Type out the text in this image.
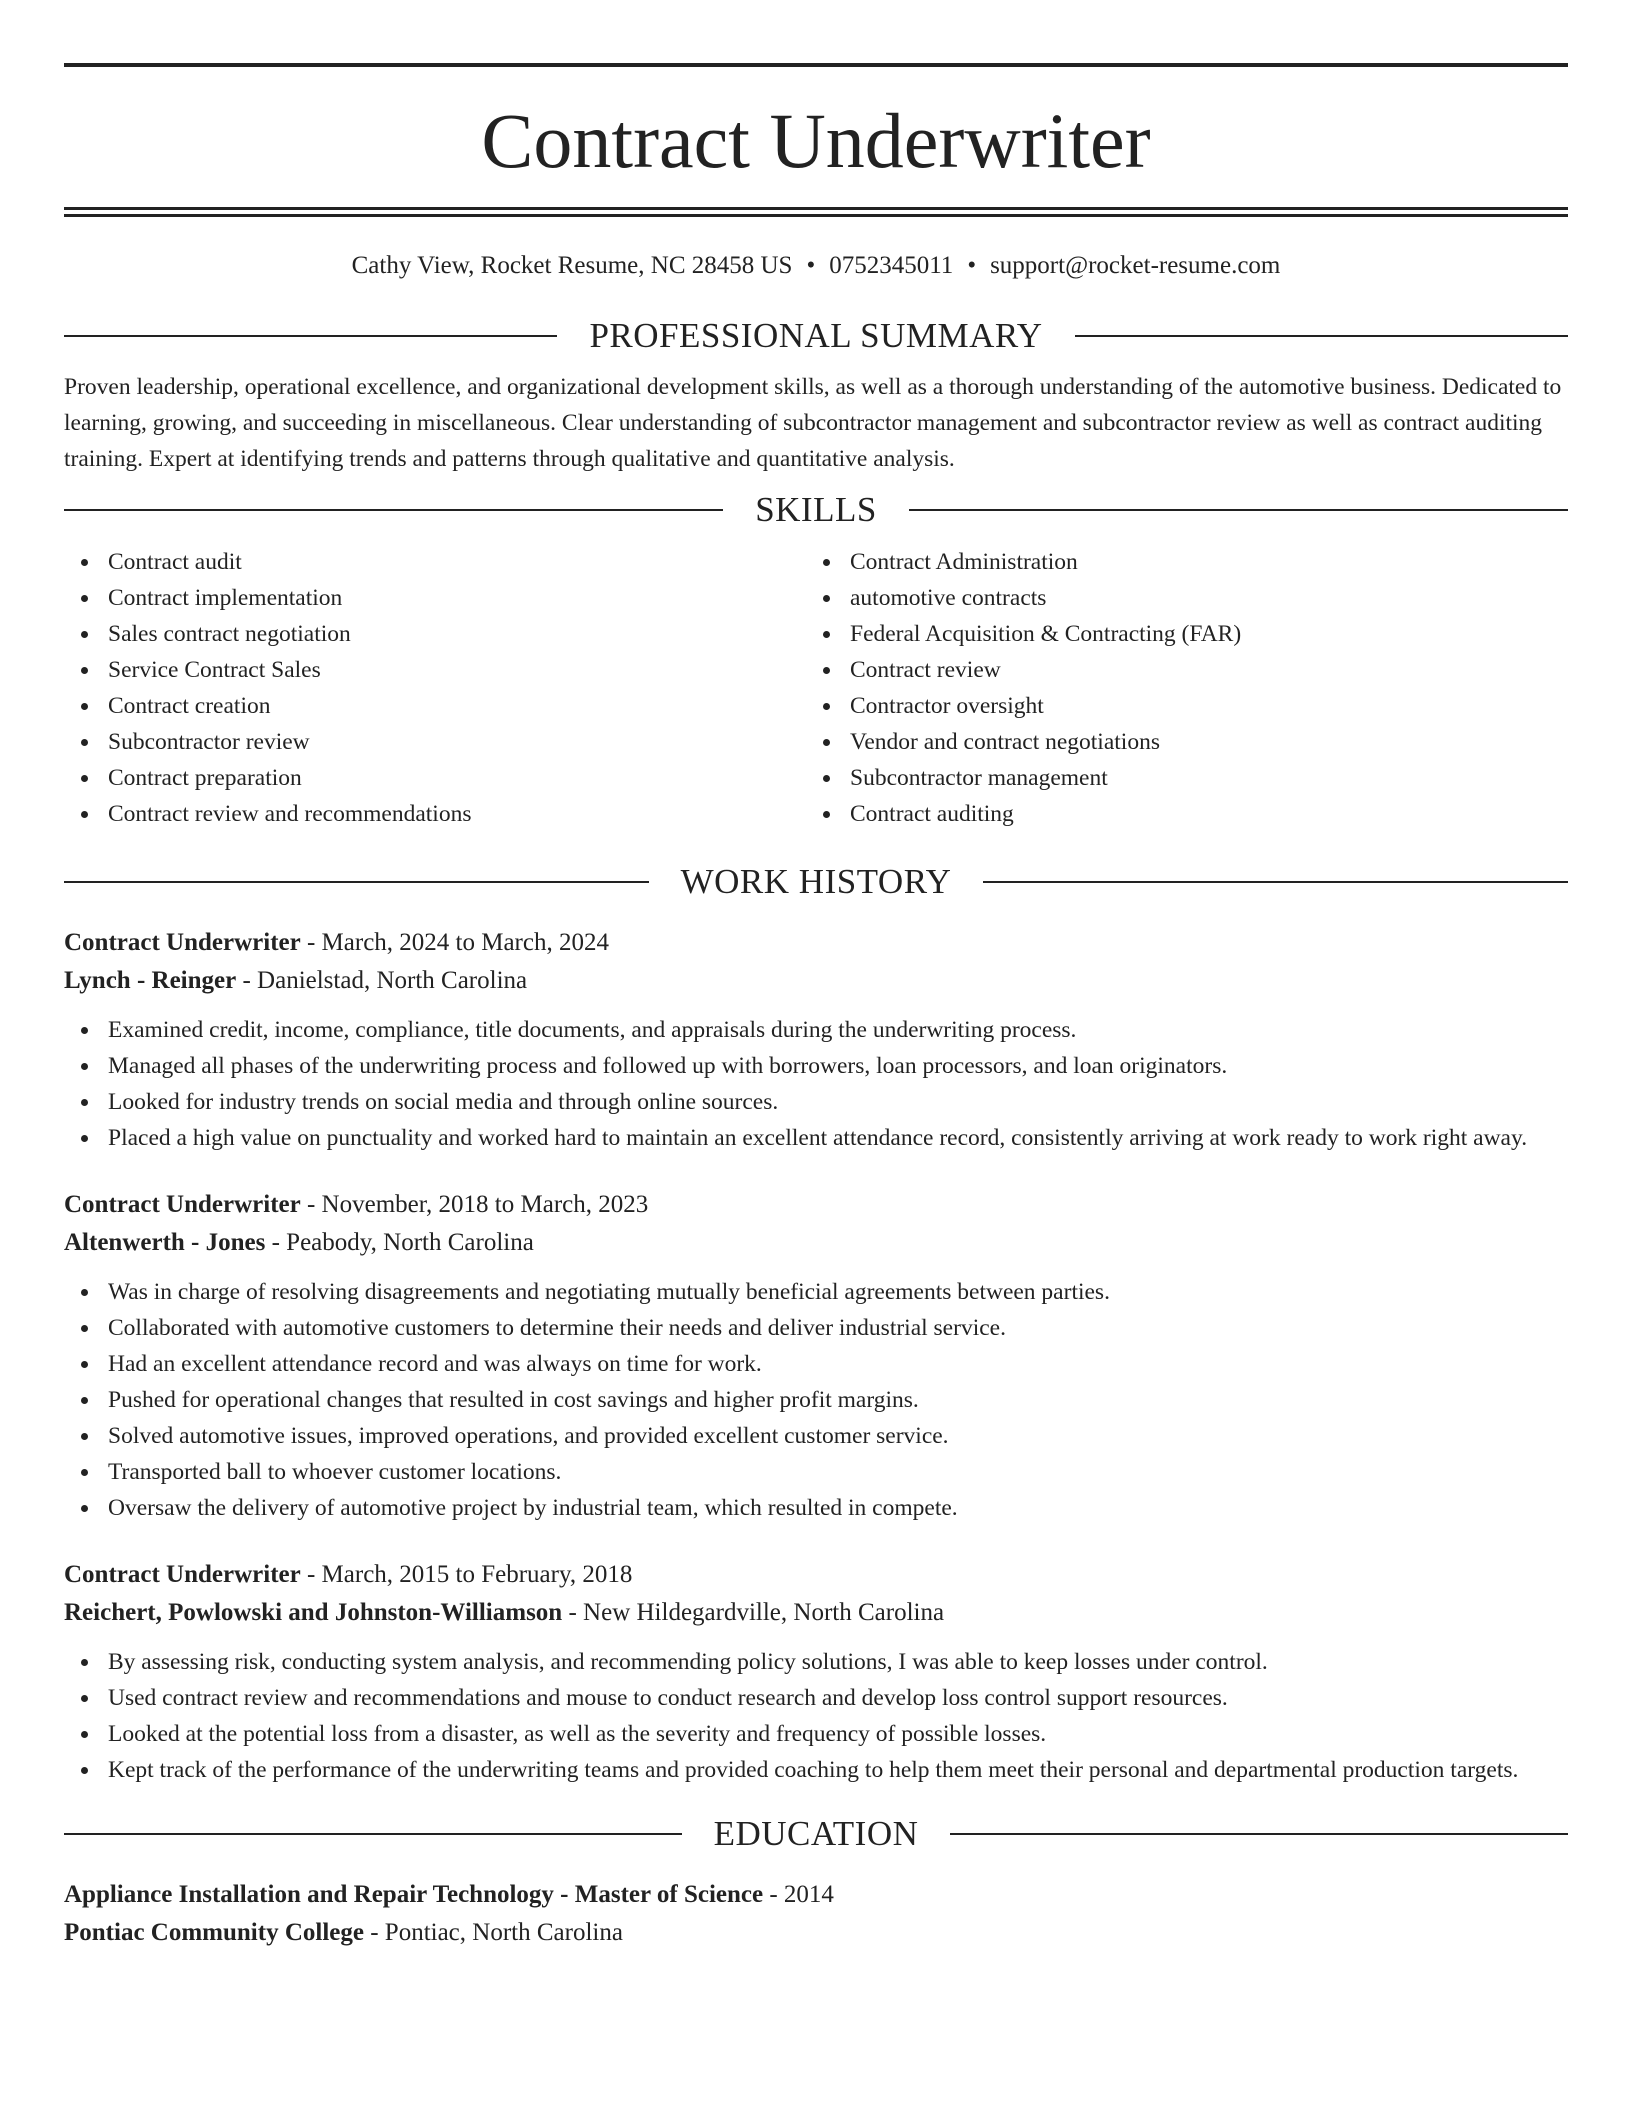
Contract Underwriter
Cathy View, Rocket Resume, NC 28458 US • 0752345011 • support@rocket-resume.com
PROFESSIONAL SUMMARY
Proven leadership, operational excellence, and organizational development skills, as well as a thorough understanding of the automotive business. Dedicated to learning, growing, and succeeding in miscellaneous. Clear understanding of subcontractor management and subcontractor review as well as contract auditing training. Expert at identifying trends and patterns through qualitative and quantitative analysis.
SKILLS
Contract audit
Contract implementation
Sales contract negotiation
Service Contract Sales
Contract creation
Subcontractor review
Contract preparation
Contract review and recommendations
Contract Administration
automotive contracts
Federal Acquisition & Contracting (FAR)
Contract review
Contractor oversight
Vendor and contract negotiations
Subcontractor management
Contract auditing
WORK HISTORY
Contract Underwriter - March, 2024 to March, 2024
Lynch - Reinger - Danielstad, North Carolina
Examined credit, income, compliance, title documents, and appraisals during the underwriting process.
Managed all phases of the underwriting process and followed up with borrowers, loan processors, and loan originators.
Looked for industry trends on social media and through online sources.
Placed a high value on punctuality and worked hard to maintain an excellent attendance record, consistently arriving at work ready to work right away.
Contract Underwriter - November, 2018 to March, 2023
Altenwerth - Jones - Peabody, North Carolina
Was in charge of resolving disagreements and negotiating mutually beneficial agreements between parties.
Collaborated with automotive customers to determine their needs and deliver industrial service.
Had an excellent attendance record and was always on time for work.
Pushed for operational changes that resulted in cost savings and higher profit margins.
Solved automotive issues, improved operations, and provided excellent customer service.
Transported ball to whoever customer locations.
Oversaw the delivery of automotive project by industrial team, which resulted in compete.
Contract Underwriter - March, 2015 to February, 2018
Reichert, Powlowski and Johnston-Williamson - New Hildegardville, North Carolina
By assessing risk, conducting system analysis, and recommending policy solutions, I was able to keep losses under control.
Used contract review and recommendations and mouse to conduct research and develop loss control support resources.
Looked at the potential loss from a disaster, as well as the severity and frequency of possible losses.
Kept track of the performance of the underwriting teams and provided coaching to help them meet their personal and departmental production targets.
EDUCATION
Appliance Installation and Repair Technology - Master of Science - 2014
Pontiac Community College - Pontiac, North Carolina
